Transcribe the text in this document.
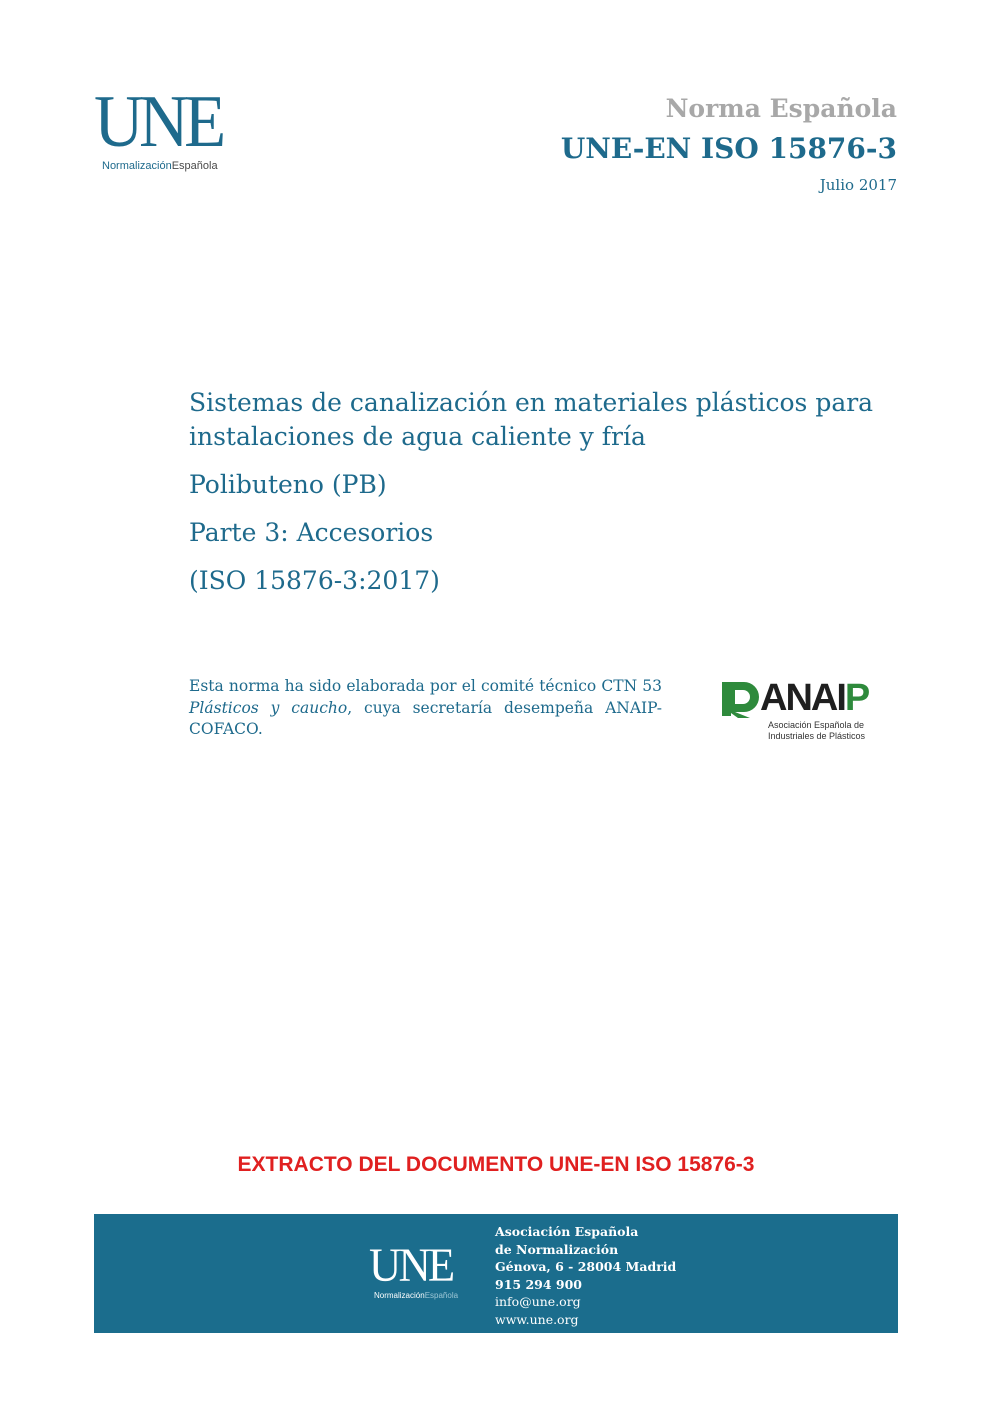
UNE
NormalizaciónEspañola
Norma Española
UNE-EN ISO 15876-3
Julio 2017
Sistemas de canalización en materiales plásticos para instalaciones de agua caliente y fría
Polibuteno (PB)
Parte 3: Accesorios
(ISO 15876-3:2017)
Esta norma ha sido elaborada por el comité técnico CTN 53 Plásticos y caucho, cuya secretaría desempeña ANAIP-COFACO.
ANAIP
Asociación Española de Industriales de Plásticos
EXTRACTO DEL DOCUMENTO UNE-EN ISO 15876-3
UNE
NormalizaciónEspañola
Asociación Española
de Normalización
Génova, 6 - 28004 Madrid
915 294 900
info@une.org
www.une.org
